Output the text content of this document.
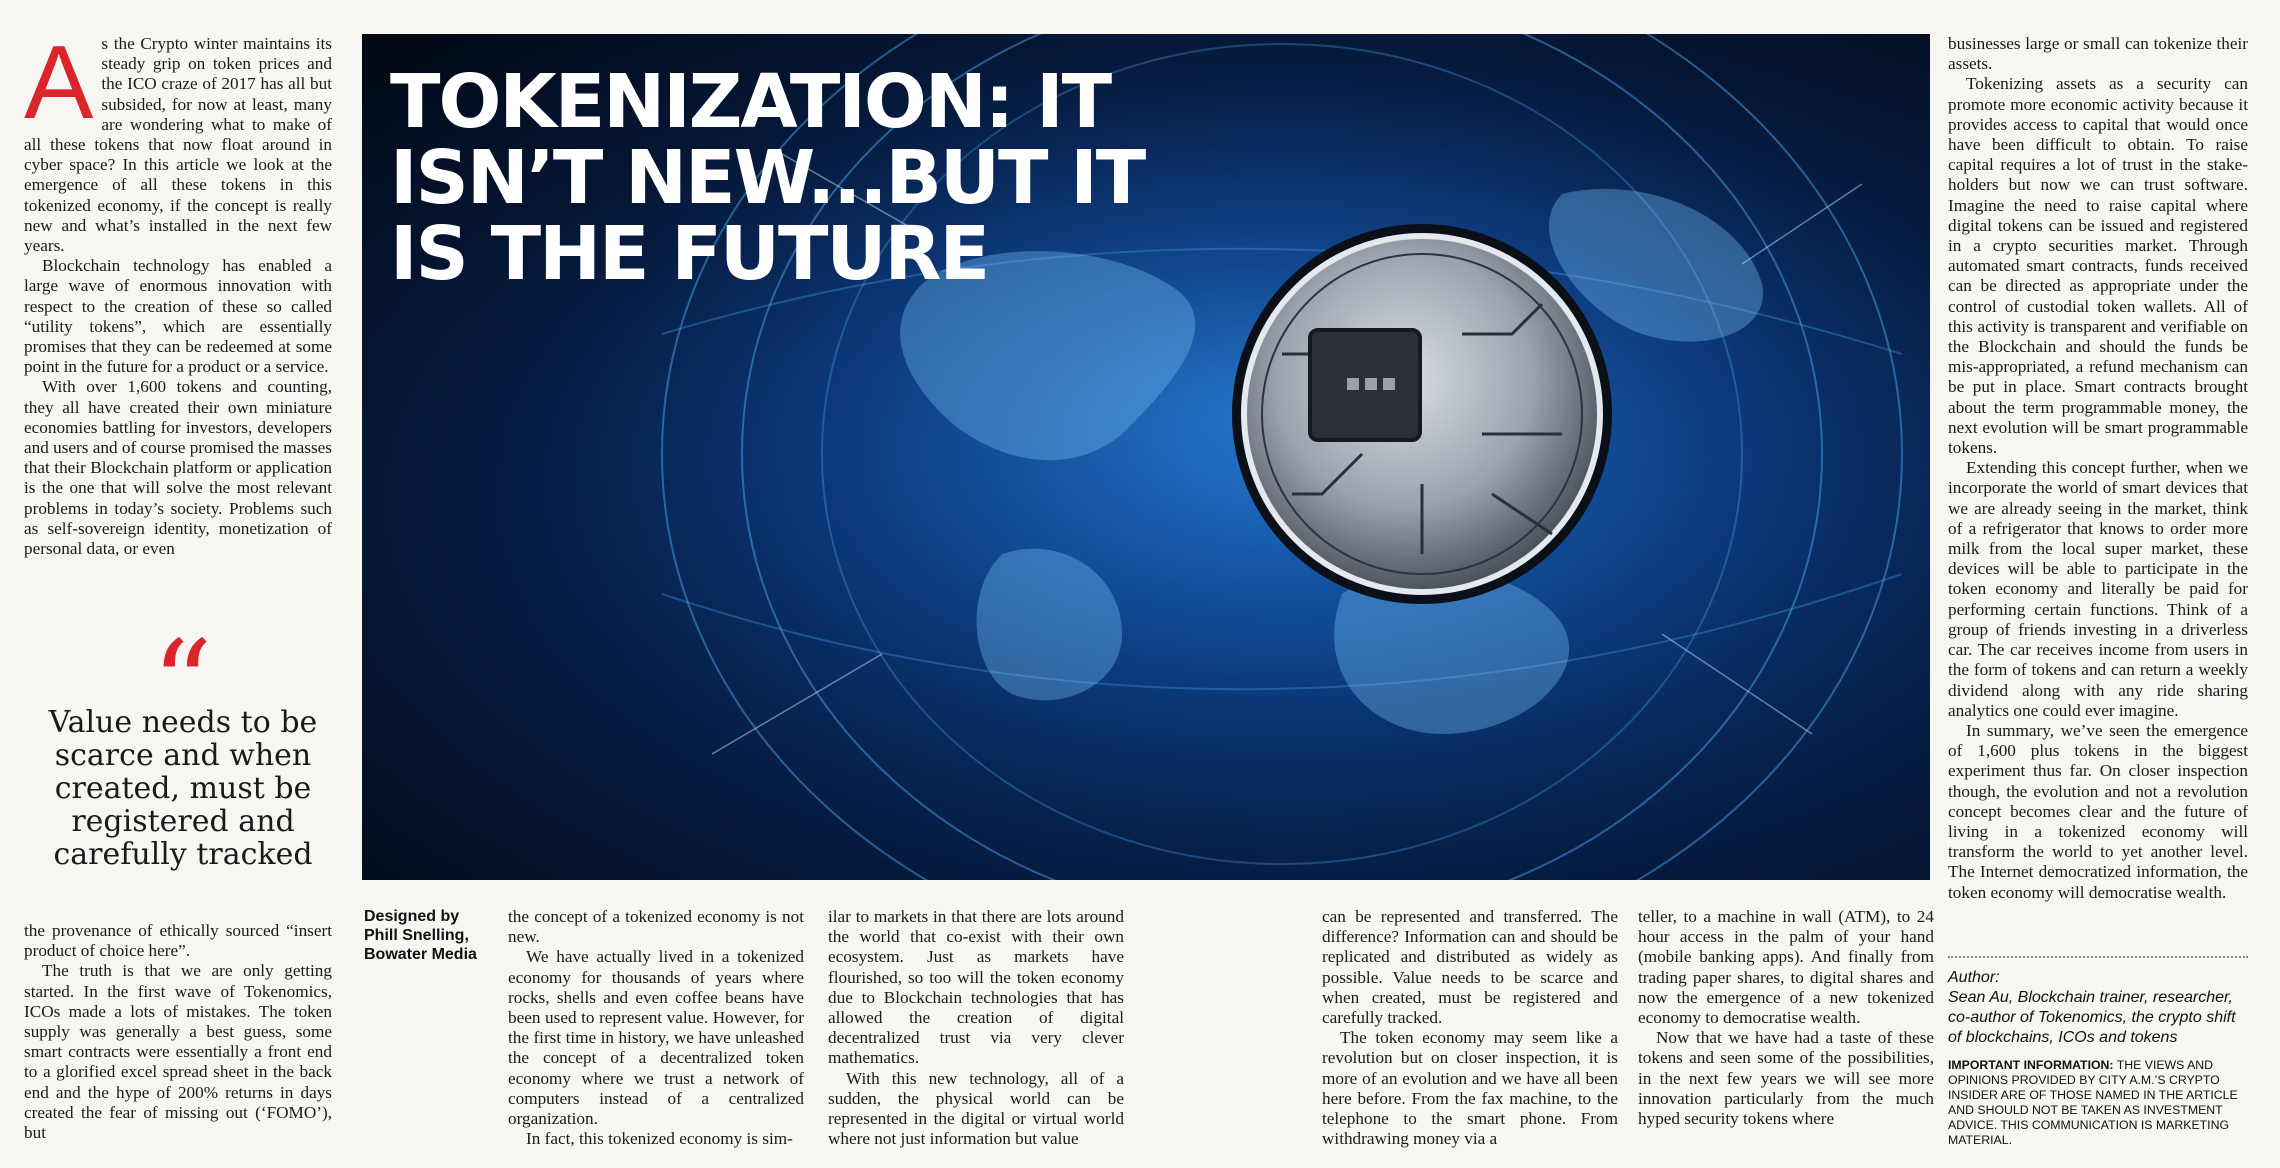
A s the Crypto winter maintains its steady grip on token prices and the ICO craze of 2017 has all but subsided, for now at least, many are wondering what to make of all these tokens that now float around in cyber space? In this article we look at the emergence of all these tokens in this tokenized economy, if the concept is really new and what’s installed in the next few years.

Blockchain technology has enabled a large wave of enormous innovation with respect to the creation of these so called “utility tokens”, which are essentially promises that they can be redeemed at some point in the future for a product or a service.

With over 1,600 tokens and counting, they all have created their own miniature economies battling for investors, developers and users and of course promised the masses that their Blockchain platform or application is the one that will solve the most relevant problems in today’s society. Problems such as self-sovereign identity, monetization of personal data, or even

“
Value needs to be scarce and when created, must be registered and carefully tracked

the provenance of ethically sourced “insert product of choice here”.

The truth is that we are only getting started. In the first wave of Tokenomics, ICOs made a lots of mistakes. The token supply was generally a best guess, some smart contracts were essentially a front end to a glorified excel spread sheet in the back end and the hype of 200% returns in days created the fear of missing out (‘FOMO’), but

TOKENIZATION: IT ISN’T NEW...BUT IT IS THE FUTURE
Designed by Phill Snelling, Bowater Media

the concept of a tokenized economy is not new.

We have actually lived in a tokenized economy for thousands of years where rocks, shells and even coffee beans have been used to represent value. However, for the first time in history, we have unleashed the concept of a decentralized token economy where we trust a network of computers instead of a centralized organization.

In fact, this tokenized economy is sim-

ilar to markets in that there are lots around the world that co-exist with their own ecosystem. Just as markets have flourished, so too will the token economy due to Blockchain technologies that has allowed the creation of digital decentralized trust via very clever mathematics.

With this new technology, all of a sudden, the physical world can be represented in the digital or virtual world where not just information but value

can be represented and transferred. The difference? Information can and should be replicated and distributed as widely as possible. Value needs to be scarce and when created, must be registered and carefully tracked.

The token economy may seem like a revolution but on closer inspection, it is more of an evolution and we have all been here before. From the fax machine, to the telephone to the smart phone. From withdrawing money via a

teller, to a machine in wall (ATM), to 24 hour access in the palm of your hand (mobile banking apps). And finally from trading paper shares, to digital shares and now the emergence of a new tokenized economy to democratise wealth.

Now that we have had a taste of these tokens and seen some of the possibilities, in the next few years we will see more innovation particularly from the much hyped security tokens where

businesses large or small can tokenize their assets.

Tokenizing assets as a security can promote more economic activity because it provides access to capital that would once have been difficult to obtain. To raise capital requires a lot of trust in the stake-holders but now we can trust software. Imagine the need to raise capital where digital tokens can be issued and registered in a crypto securities market. Through automated smart contracts, funds received can be directed as appropriate under the control of custodial token wallets. All of this activity is transparent and verifiable on the Blockchain and should the funds be mis-appropriated, a refund mechanism can be put in place. Smart contracts brought about the term programmable money, the next evolution will be smart programmable tokens.

Extending this concept further, when we incorporate the world of smart devices that we are already seeing in the market, think of a refrigerator that knows to order more milk from the local super market, these devices will be able to participate in the token economy and literally be paid for performing certain functions. Think of a group of friends investing in a driverless car. The car receives income from users in the form of tokens and can return a weekly dividend along with any ride sharing analytics one could ever imagine.

In summary, we’ve seen the emergence of 1,600 plus tokens in the biggest experiment thus far. On closer inspection though, the evolution and not a revolution concept becomes clear and the future of living in a tokenized economy will transform the world to yet another level. The Internet democratized information, the token economy will democratise wealth.

Author:
Sean Au, Blockchain trainer, researcher, co-author of Tokenomics, the crypto shift of blockchains, ICOs and tokens
IMPORTANT INFORMATION: THE VIEWS AND OPINIONS PROVIDED BY CITY A.M.’S CRYPTO INSIDER ARE OF THOSE NAMED IN THE ARTICLE AND SHOULD NOT BE TAKEN AS INVESTMENT ADVICE. THIS COMMUNICATION IS MARKETING MATERIAL.
